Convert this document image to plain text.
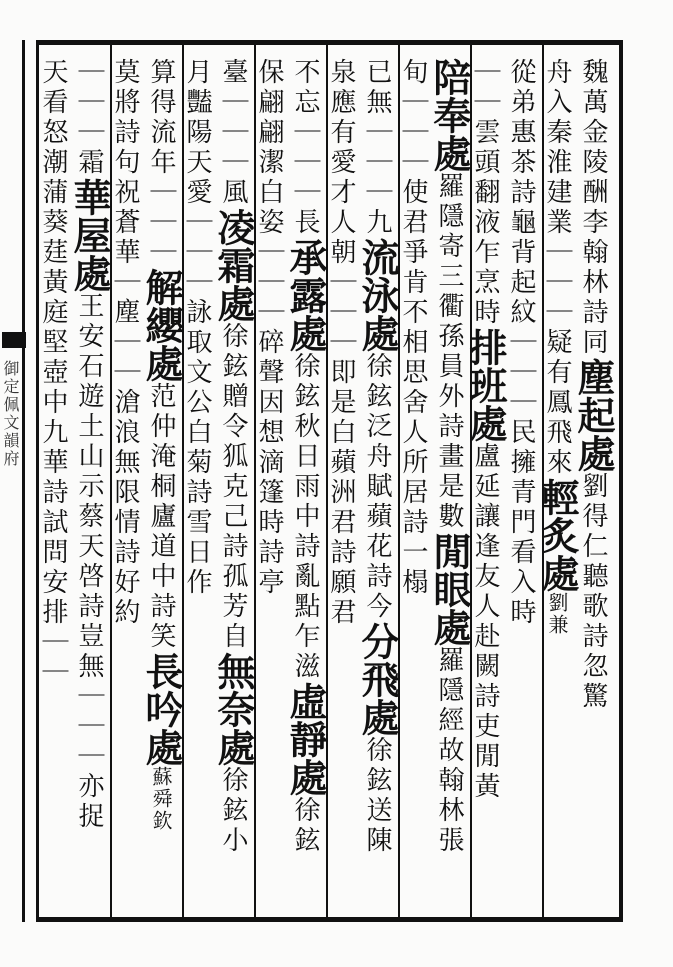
御定佩文韻府
魏萬金陵酬李翰林詩同塵起處劉得仁聽歌詩忽驚
舟入秦淮建業｜｜｜疑有鳳飛來輕炙處劉兼
從弟惠茶詩龜背起紋｜｜｜民擁青門看入時
｜｜雲頭翻液乍烹時排班處盧延讓逢友人赴闕詩吏閒黃
陪奉處羅隱寄三衢孫員外詩畫是數閒眼處羅隱經故翰林張
旬｜｜｜使君爭肯不相思舍人所居詩一榻
已無｜｜｜九流泳處徐鉉泛舟賦蘋花詩今分飛處徐鉉送陳
泉應有愛才人朝｜｜｜即是白蘋洲君詩願君
不忘｜｜｜長承露處徐鉉秋日雨中詩亂點乍滋虛靜處徐鉉
保翩翩潔白姿｜｜｜碎聲因想滴篷時詩亭
臺｜｜｜風凌霜處徐鉉贈令狐克己詩孤芳自無奈處徐鉉小
月豔陽天愛｜｜｜詠取文公白菊詩雪日作
算得流年｜｜｜解纓處范仲淹桐廬道中詩笑長吟處蘇舜欽
莫將詩句祝蒼華｜塵｜｜滄浪無限情詩好約
｜｜｜霜華屋處王安石遊土山示蔡天啓詩豈無｜｜｜亦捉
天看怒潮蒲葵莛黃庭堅壺中九華詩試問安排｜｜
